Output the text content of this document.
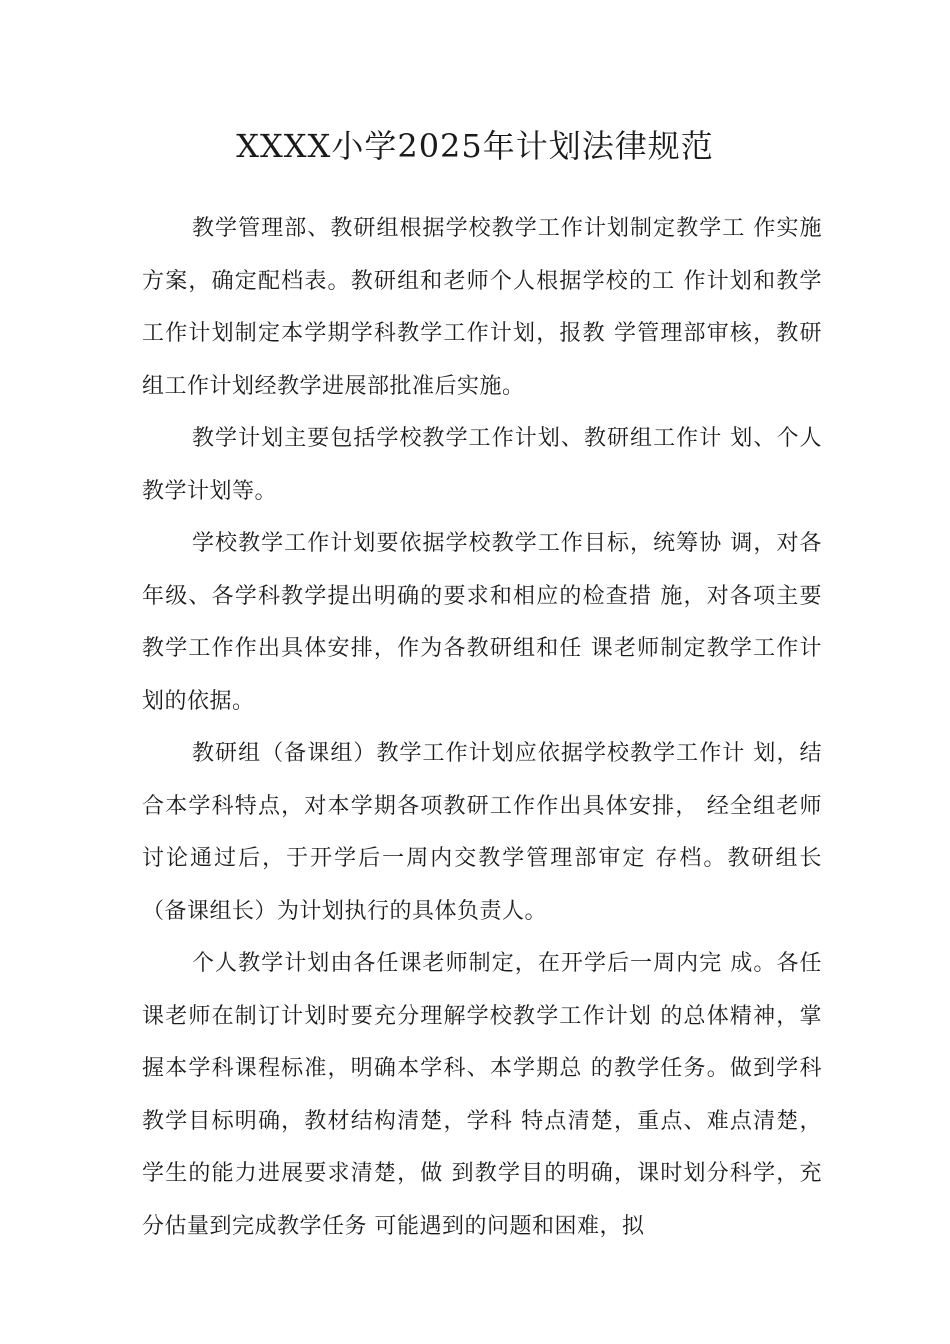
XXXX小学2025年计划法律规范

教学管理部、教研组根据学校教学工作计划制定教学工 作实施方案，确定配档表。教研组和老师个人根据学校的工 作计划和教学工作计划制定本学期学科教学工作计划，报教 学管理部审核，教研组工作计划经教学进展部批准后实施。

教学计划主要包括学校教学工作计划、教研组工作计 划、个人教学计划等。

学校教学工作计划要依据学校教学工作目标，统筹协 调，对各年级、各学科教学提出明确的要求和相应的检查措 施，对各项主要教学工作作出具体安排，作为各教研组和任 课老师制定教学工作计划的依据。

教研组（备课组）教学工作计划应依据学校教学工作计 划，结合本学科特点，对本学期各项教研工作作出具体安排， 经全组老师讨论通过后，于开学后一周内交教学管理部审定 存档。教研组长（备课组长）为计划执行的具体负责人。

个人教学计划由各任课老师制定，在开学后一周内完 成。各任课老师在制订计划时要充分理解学校教学工作计划 的总体精神，掌握本学科课程标准，明确本学科、本学期总 的教学任务。做到学科教学目标明确，教材结构清楚，学科 特点清楚，重点、难点清楚，学生的能力进展要求清楚，做 到教学目的明确，课时划分科学，充分估量到完成教学任务 可能遇到的问题和困难，拟
